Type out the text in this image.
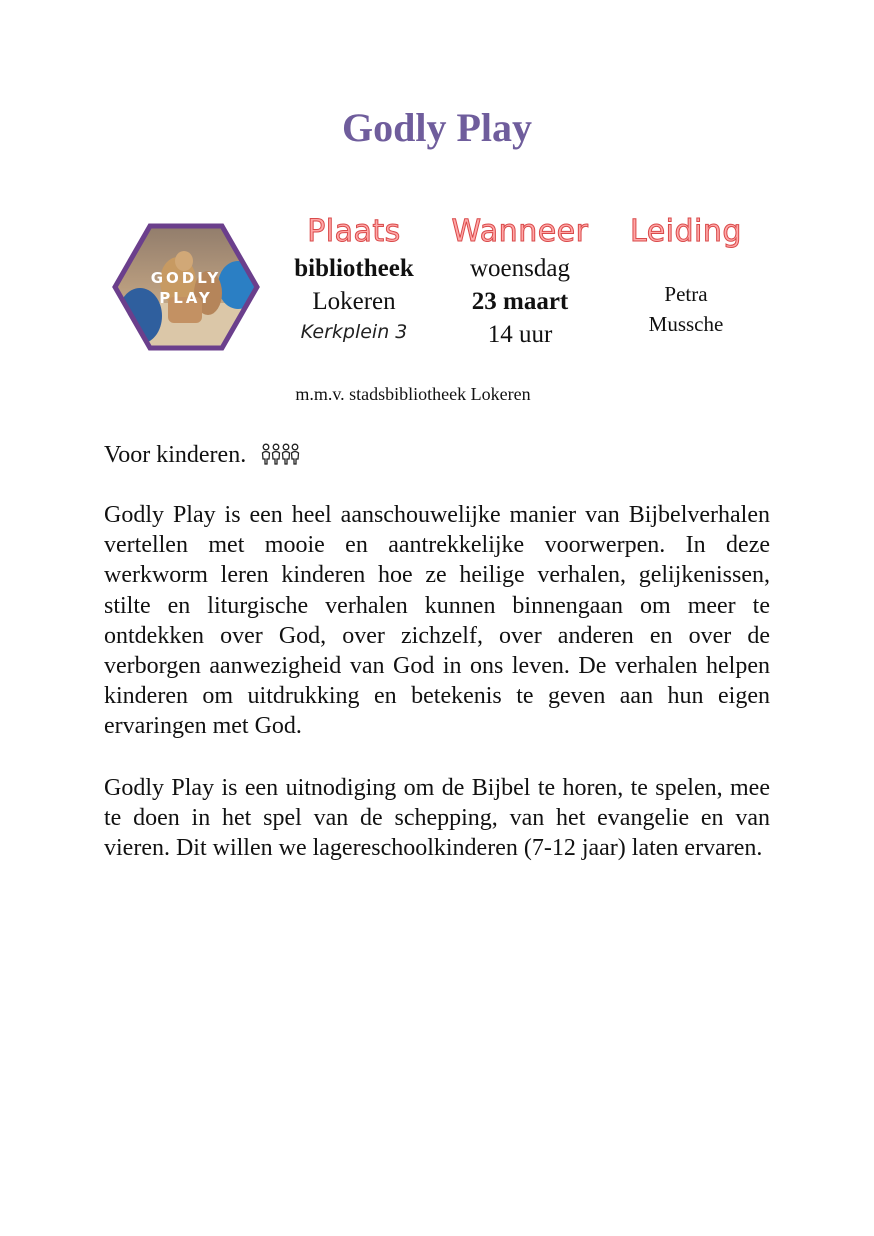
Godly Play
GODLY
PLAY
Plaats
bibliotheek
Lokeren
Kerkplein 3
Wanneer
woensdag
23 maart
14 uur
Leiding
Petra
Mussche
m.m.v. stadsbibliotheek Lokeren
Voor kinderen.

Godly Play is een heel aanschouwelijke manier van Bijbelverhalen vertellen met mooie en aantrekkelijke voorwerpen. In deze werkworm leren kinderen hoe ze heilige verhalen, gelijkenissen, stilte en liturgische verhalen kunnen binnengaan om meer te ontdekken over God, over zichzelf, over anderen en over de verborgen aanwezigheid van God in ons leven. De verhalen helpen kinderen om uitdrukking en betekenis te geven aan hun eigen ervaringen met God.

Godly Play is een uitnodiging om de Bijbel te horen, te spelen, mee te doen in het spel van de schepping, van het evangelie en van vieren. Dit willen we lagereschoolkinderen (7-12 jaar) laten ervaren.
